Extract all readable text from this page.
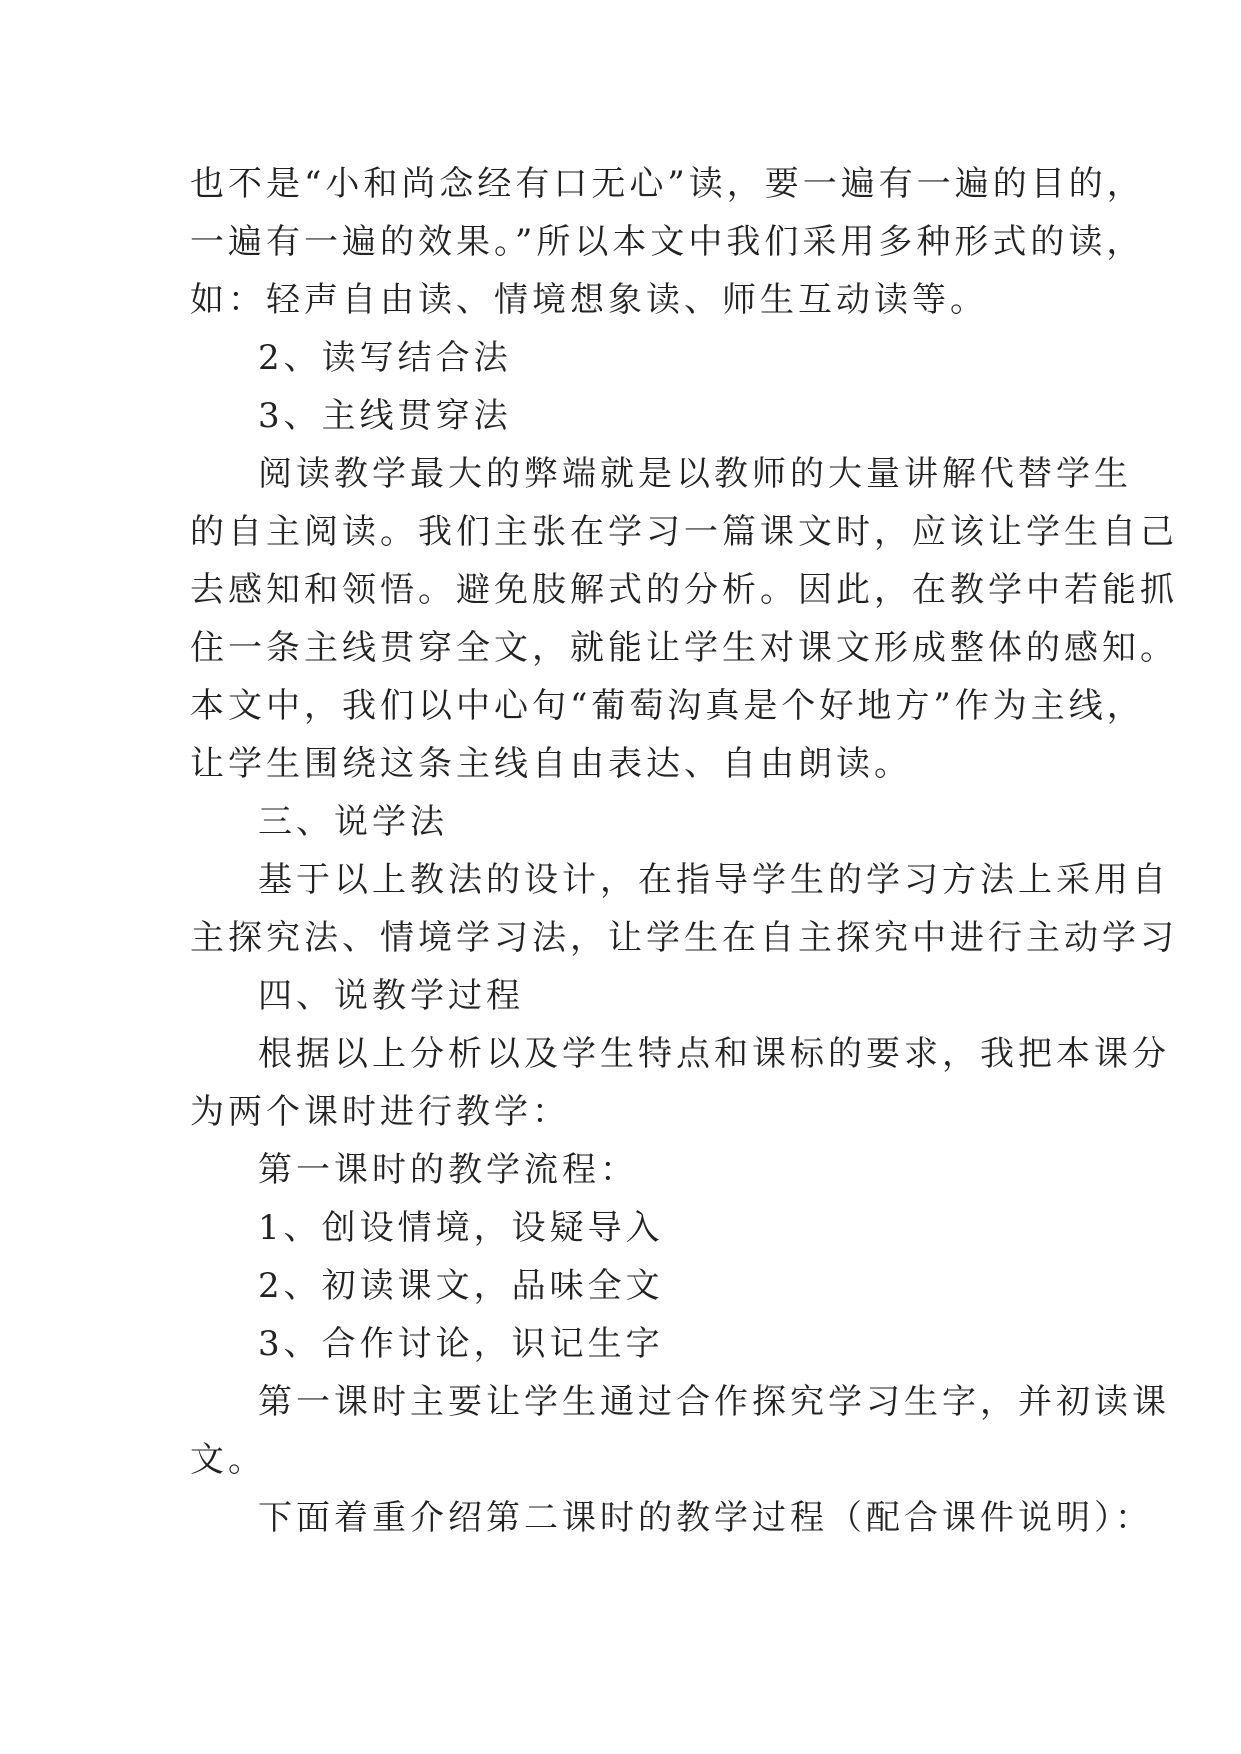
也不是“小和尚念经有口无心”读，要一遍有一遍的目的，

一遍有一遍的效果。”所以本文中我们采用多种形式的读，

如：轻声自由读、情境想象读、师生互动读等。

2、读写结合法

3、主线贯穿法

阅读教学最大的弊端就是以教师的大量讲解代替学生

的自主阅读。我们主张在学习一篇课文时，应该让学生自己

去感知和领悟。避免肢解式的分析。因此，在教学中若能抓

住一条主线贯穿全文，就能让学生对课文形成整体的感知。

本文中，我们以中心句“葡萄沟真是个好地方”作为主线，

让学生围绕这条主线自由表达、自由朗读。

三、说学法

基于以上教法的设计，在指导学生的学习方法上采用自

主探究法、情境学习法，让学生在自主探究中进行主动学习

四、说教学过程

根据以上分析以及学生特点和课标的要求，我把本课分

为两个课时进行教学：

第一课时的教学流程：

1、创设情境，设疑导入

2、初读课文，品味全文

3、合作讨论，识记生字

第一课时主要让学生通过合作探究学习生字，并初读课

文。

下面着重介绍第二课时的教学过程（配合课件说明）：
